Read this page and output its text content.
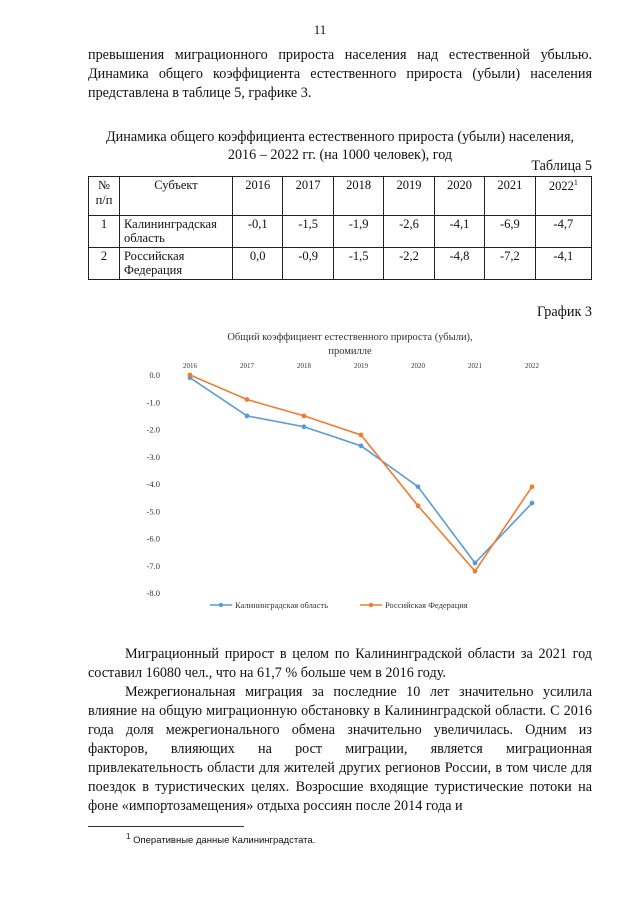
11

превышения миграционного прироста населения над естественной убылью. Динамика общего коэффициента естественного прироста (убыли) населения представлена в таблице 5, графике 3.

Динамика общего коэффициента естественного прироста (убыли) населения,
2016 – 2022 гг. (на 1000 человек), год
Таблица 5
№ п/п	Субъект	2016	2017	2018	2019	2020	2021	2022$^1$
1	Калининградская область	-0,1	-1,5	-1,9	-2,6	-4,1	-6,9	-4,7
2	Российская Федерация	0,0	-0,9	-1,5	-2,2	-4,8	-7,2	-4,1
График 3
Общий коэффициент естественного прироста (убыли),
промилле
0.0
-1.0
-2.0
-3.0
-4.0
-5.0
-6.0
-7.0
-8.0
2016	2017	2018	2019	2020	2021	2022
Калининградская область	Российская Федерация

Миграционный прирост в целом по Калининградской области за 2021 год составил 16080 чел., что на 61,7 % больше чем в 2016 году.

Межрегиональная миграция за последние 10 лет значительно усилила влияние на общую миграционную обстановку в Калининградской области. С 2016 года доля межрегионального обмена значительно увеличилась. Одним из факторов, влияющих на рост миграции, является миграционная привлекательность области для жителей других регионов России, в том числе для поездок в туристических целях. Возросшие входящие туристические потоки на фоне «импортозамещения» отдыха россиян после 2014 года и

$^1$ Оперативные данные Калининградстата.
